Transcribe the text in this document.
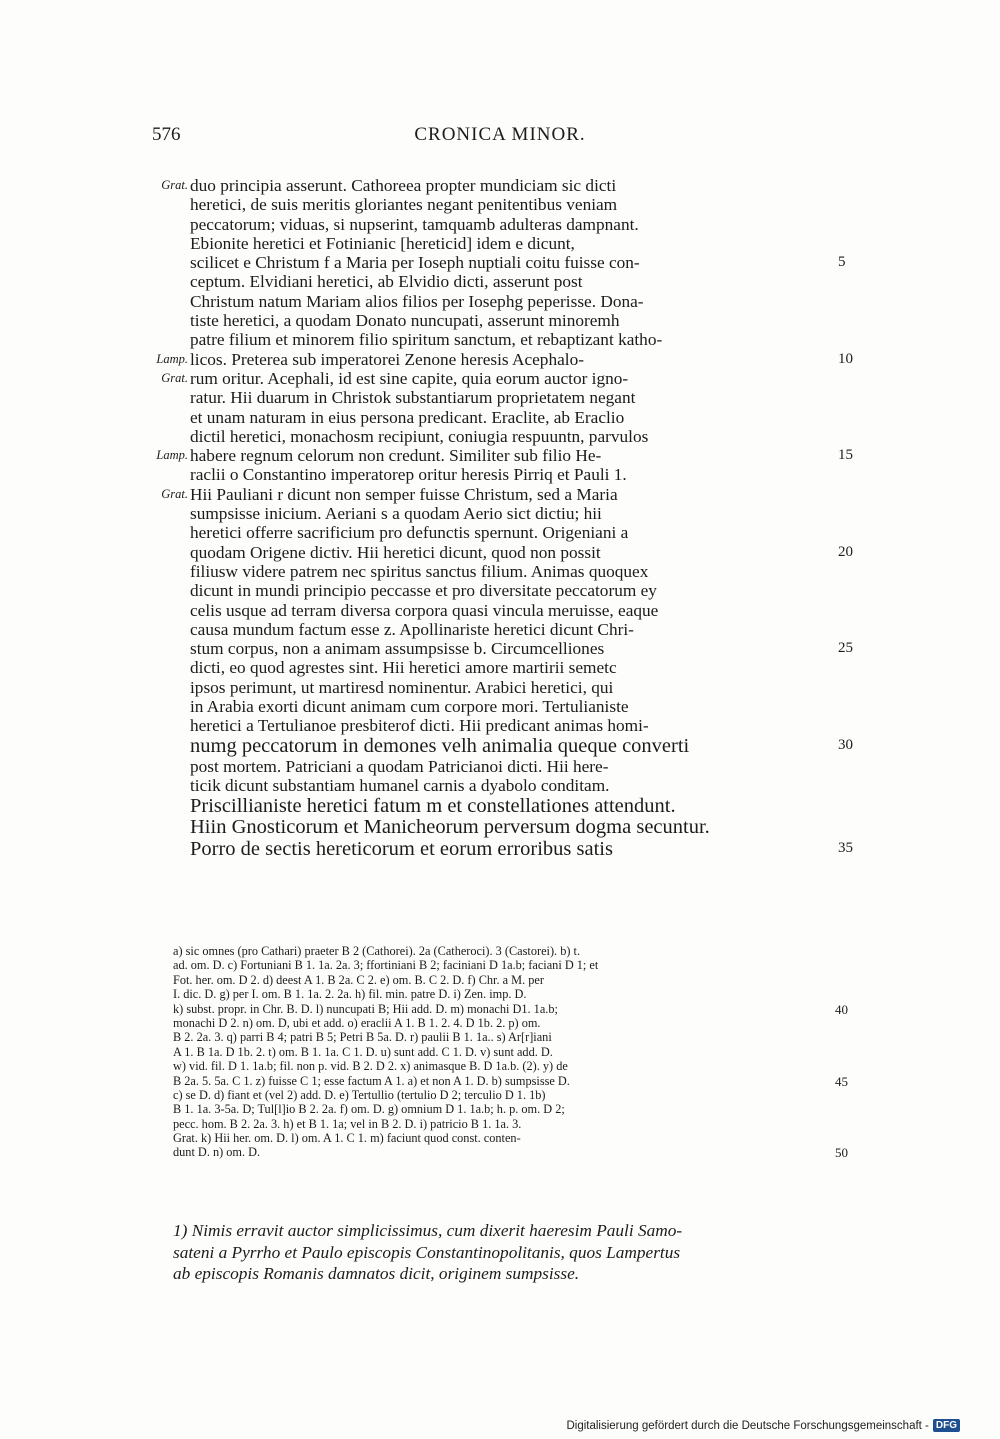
576	CRONICA MINOR.
Grat. duo principia asserunt. Cathoreea propter mundiciam sic dicti
heretici, de suis meritis gloriantes negant penitentibus veniam
peccatorum; viduas, si nupserint, tamquamb adulteras dampnant.
Ebionite heretici et Fotinianic [hereticid] idem e dicunt,
scilicet e Christum f a Maria per Ioseph nuptiali coitu fuisse con-	5
ceptum. Elvidiani heretici, ab Elvidio dicti, asserunt post
Christum natum Mariam alios filios per Iosephg peperisse. Dona-
tiste heretici, a quodam Donato nuncupati, asserunt minoremh
patre filium et minorem filio spiritum sanctum, et rebaptizant katho-
Lamp. licos. Preterea sub imperatorei Zenone heresis Acephalo-	10
Grat. rum oritur. Acephali, id est sine capite, quia eorum auctor igno-
ratur. Hii duarum in Christok substantiarum proprietatem negant
et unam naturam in eius persona predicant. Eraclite, ab Eraclio
dictil heretici, monachosm recipiunt, coniugia respuuntn, parvulos
Lamp. habere regnum celorum non credunt. Similiter sub filio He-	15
raclii o Constantino imperatorep oritur heresis Pirriq et Pauli 1.
Grat. Hii Pauliani r dicunt non semper fuisse Christum, sed a Maria
sumpsisse inicium. Aeriani s a quodam Aerio sict dictiu; hii
heretici offerre sacrificium pro defunctis spernunt. Origeniani a
quodam Origene dictiv. Hii heretici dicunt, quod non possit	20
filiusw videre patrem nec spiritus sanctus filium. Animas quoquex
dicunt in mundi principio peccasse et pro diversitate peccatorum ey
celis usque ad terram diversa corpora quasi vincula meruisse, eaque
causa mundum factum esse z. Apollinariste heretici dicunt Chri-
stum corpus, non a animam assumpsisse b. Circumcelliones	25
dicti, eo quod agrestes sint. Hii heretici amore martirii semetc
ipsos perimunt, ut martiresd nominentur. Arabici heretici, qui
in Arabia exorti dicunt animam cum corpore mori. Tertulianiste
heretici a Tertulianoe presbiterof dicti. Hii predicant animas homi-
numg peccatorum in demones velh animalia queque converti	30
post mortem. Patriciani a quodam Patricianoi dicti. Hii here-
ticik dicunt substantiam humanel carnis a dyabolo conditam.
Priscillianiste heretici fatum m et constellationes attendunt.
Hiin Gnosticorum et Manicheorum perversum dogma secuntur.
Porro de sectis hereticorum et eorum erroribus satis	35
a) sic omnes (pro Cathari) praeter B 2 (Cathorei). 2a (Catheroci). 3 (Castorei). b) t.
ad. om. D. c) Fortuniani B 1. 1a. 2a. 3; ffortiniani B 2; faciniani D 1a.b; faciani D 1; et
Fot. her. om. D 2. d) deest A 1. B 2a. C 2. e) om. B. C 2. D. f) Chr. a M. per
I. dic. D. g) per I. om. B 1. 1a. 2. 2a. h) fil. min. patre D. i) Zen. imp. D.
k) subst. propr. in Chr. B. D. l) nuncupati B; Hii add. D. m) monachi D1. 1a.b;	40
monachi D 2. n) om. D, ubi et add. o) eraclii A 1. B 1. 2. 4. D 1b. 2. p) om.
B 2. 2a. 3. q) parri B 4; patri B 5; Petri B 5a. D. r) paulii B 1. 1a.. s) Ar[r]iani
A 1. B 1a. D 1b. 2. t) om. B 1. 1a. C 1. D. u) sunt add. C 1. D. v) sunt add. D.
w) vid. fil. D 1. 1a.b; fil. non p. vid. B 2. D 2. x) animasque B. D 1a.b. (2). y) de
B 2a. 5. 5a. C 1. z) fuisse C 1; esse factum A 1. a) et non A 1. D. b) sumpsisse D.	45
c) se D. d) fiant et (vel 2) add. D. e) Tertullio (tertulio D 2; terculio D 1. 1b)
B 1. 1a. 3-5a. D; Tul[l]io B 2. 2a. f) om. D. g) omnium D 1. 1a.b; h. p. om. D 2;
pecc. hom. B 2. 2a. 3. h) et B 1. 1a; vel in B 2. D. i) patricio B 1. 1a. 3.
Grat. k) Hii her. om. D. l) om. A 1. C 1. m) faciunt quod const. conten-
dunt D. n) om. D.	50
1) Nimis erravit auctor simplicissimus, cum dixerit haeresim Pauli Samo-
sateni a Pyrrho et Paulo episcopis Constantinopolitanis, quos Lampertus
ab episcopis Romanis damnatos dicit, originem sumpsisse.
Digitalisierung gefördert durch die Deutsche Forschungsgemeinschaft - DFG
